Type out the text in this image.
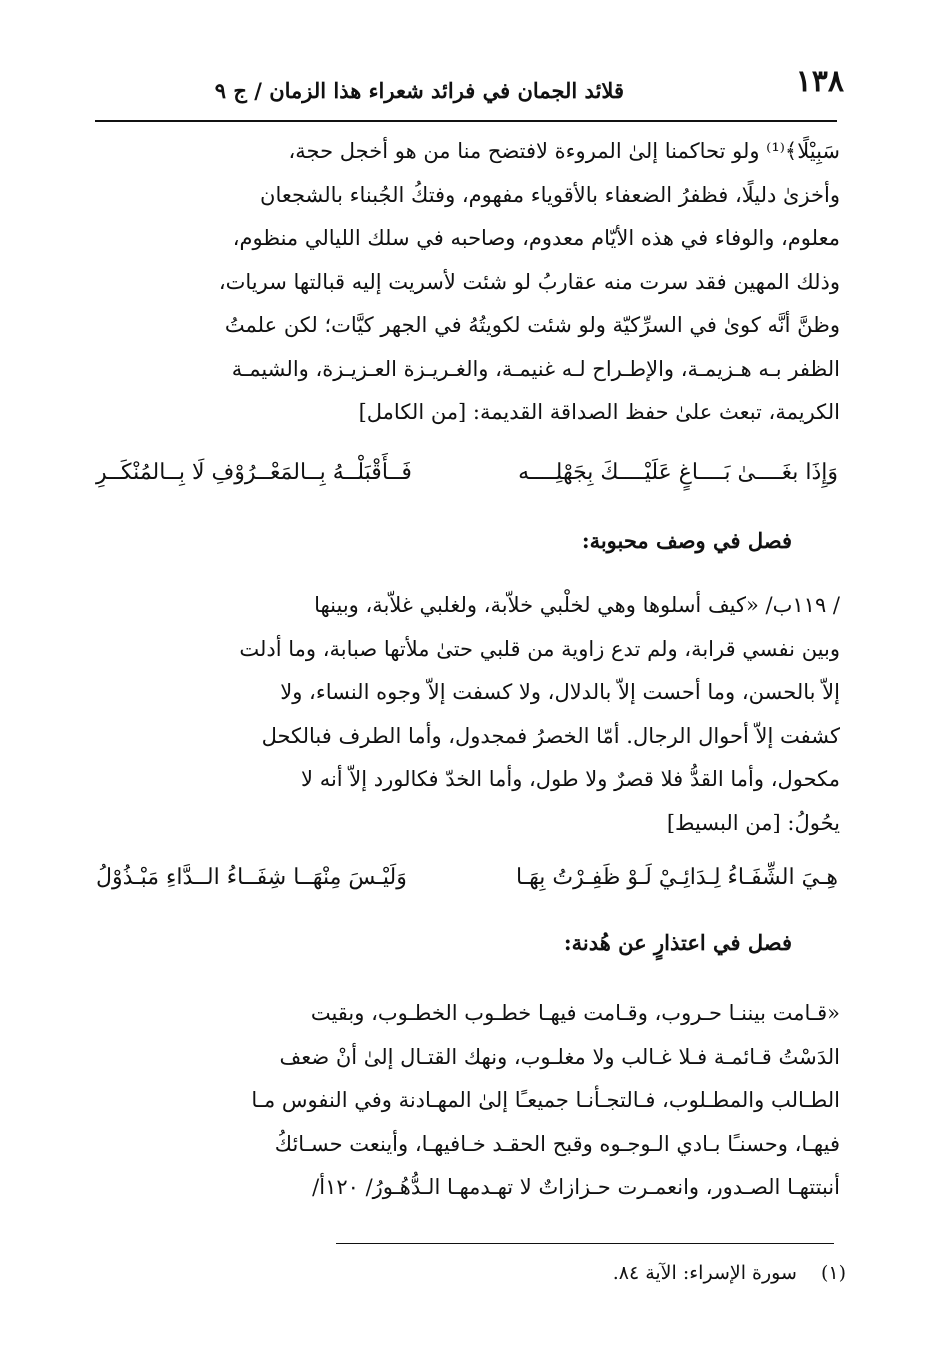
١٣٨
قلائد الجمان في فرائد شعراء هذا الزمان / ج ٩

سَبِيْلًا﴾⁽¹⁾ ولو تحاكمنا إلىٰ المروءة لافتضح منا من هو أخجل حجة،
وأخزىٰ دليلًا، فظفرُ الضعفاء بالأقوياء مفهوم، وفتكُ الجُبناء بالشجعان
معلوم، والوفاء في هذه الأيّام معدوم، وصاحبه في سلك الليالي منظوم،
وذلك المهين فقد سرت منه عقاربُ لو شئت لأسريت إليه قبالتها سريات،
وظنَّ أنَّه كوىٰ في السرِّكيّة ولو شئت لكويتُهُ في الجهر كيَّات؛ لكن علمتُ
الظفر بـه هـزيمـة، والإطـراح لـه غنيمـة، والغـريـزة العـزيـزة، والشيمـة
الكريمة، تبعث علىٰ حفظ الصداقة القديمة: [من الكامل]

وَإِذَا بغَــــىٰ بَــــاغٍ عَلَيْــــكَ بِجَهْلِــــه
فَــأَقْبَلْــهُ بِــالمَعْــرُوْفِ لَا بِــالمُنْكَــرِ
فصل في وصف محبوبة:

/ ١١٩ب/ «كيف أسلوها وهي لخلْبي خلاّبة، ولغلبي غلاّبة، وبينها
وبين نفسي قرابة، ولم تدع زاوية من قلبي حتىٰ ملأتها صبابة، وما أدلت
إلاّ بالحسن، وما أحست إلاّ بالدلال، ولا كسفت إلاّ وجوه النساء، ولا
كشفت إلاّ أحوال الرجال. أمّا الخصرُ فمجدول، وأما الطرف فبالكحل
مكحول، وأما القدُّ فلا قصرٌ ولا طول، وأما الخدّ فكالورد إلاّ أنه لا
يحُولُ: [من البسيط]

هِـيَ الشِّفَـاءُ لِـدَائِـيْ لَـوْ ظَفِـرْتُ بِهَـا
وَلَيْـسَ مِنْهَــا شِفَــاءُ الــدَّاءِ مَبْـذُوْلُ
فصل في اعتذارٍ عن هُدنة:

«قـامت بيننـا حـروب، وقـامت فيهـا خطـوب الخطـوب، وبقيت
الدَسْتُ قـائمـة فـلا غـالب ولا مغلـوب، ونهك القتـال إلىٰ أنْ ضعف
الطـالب والمطـلوب، فـالتجـأنـا جميعـًا إلىٰ المهـادنة وفي النفوس مـا
فيهـا، وحسنـًا بـادي الـوجـوه وقبح الحقـد خـافيهـا، وأينعت حسـائكُ
أنبتتهـا الصـدور، وانعمـرت حـزازاتٌ لا تهـدمهـا الـدُّهُـورُ/ ١٢٠أ/

(١) سورة الإسراء: الآية ٨٤.
